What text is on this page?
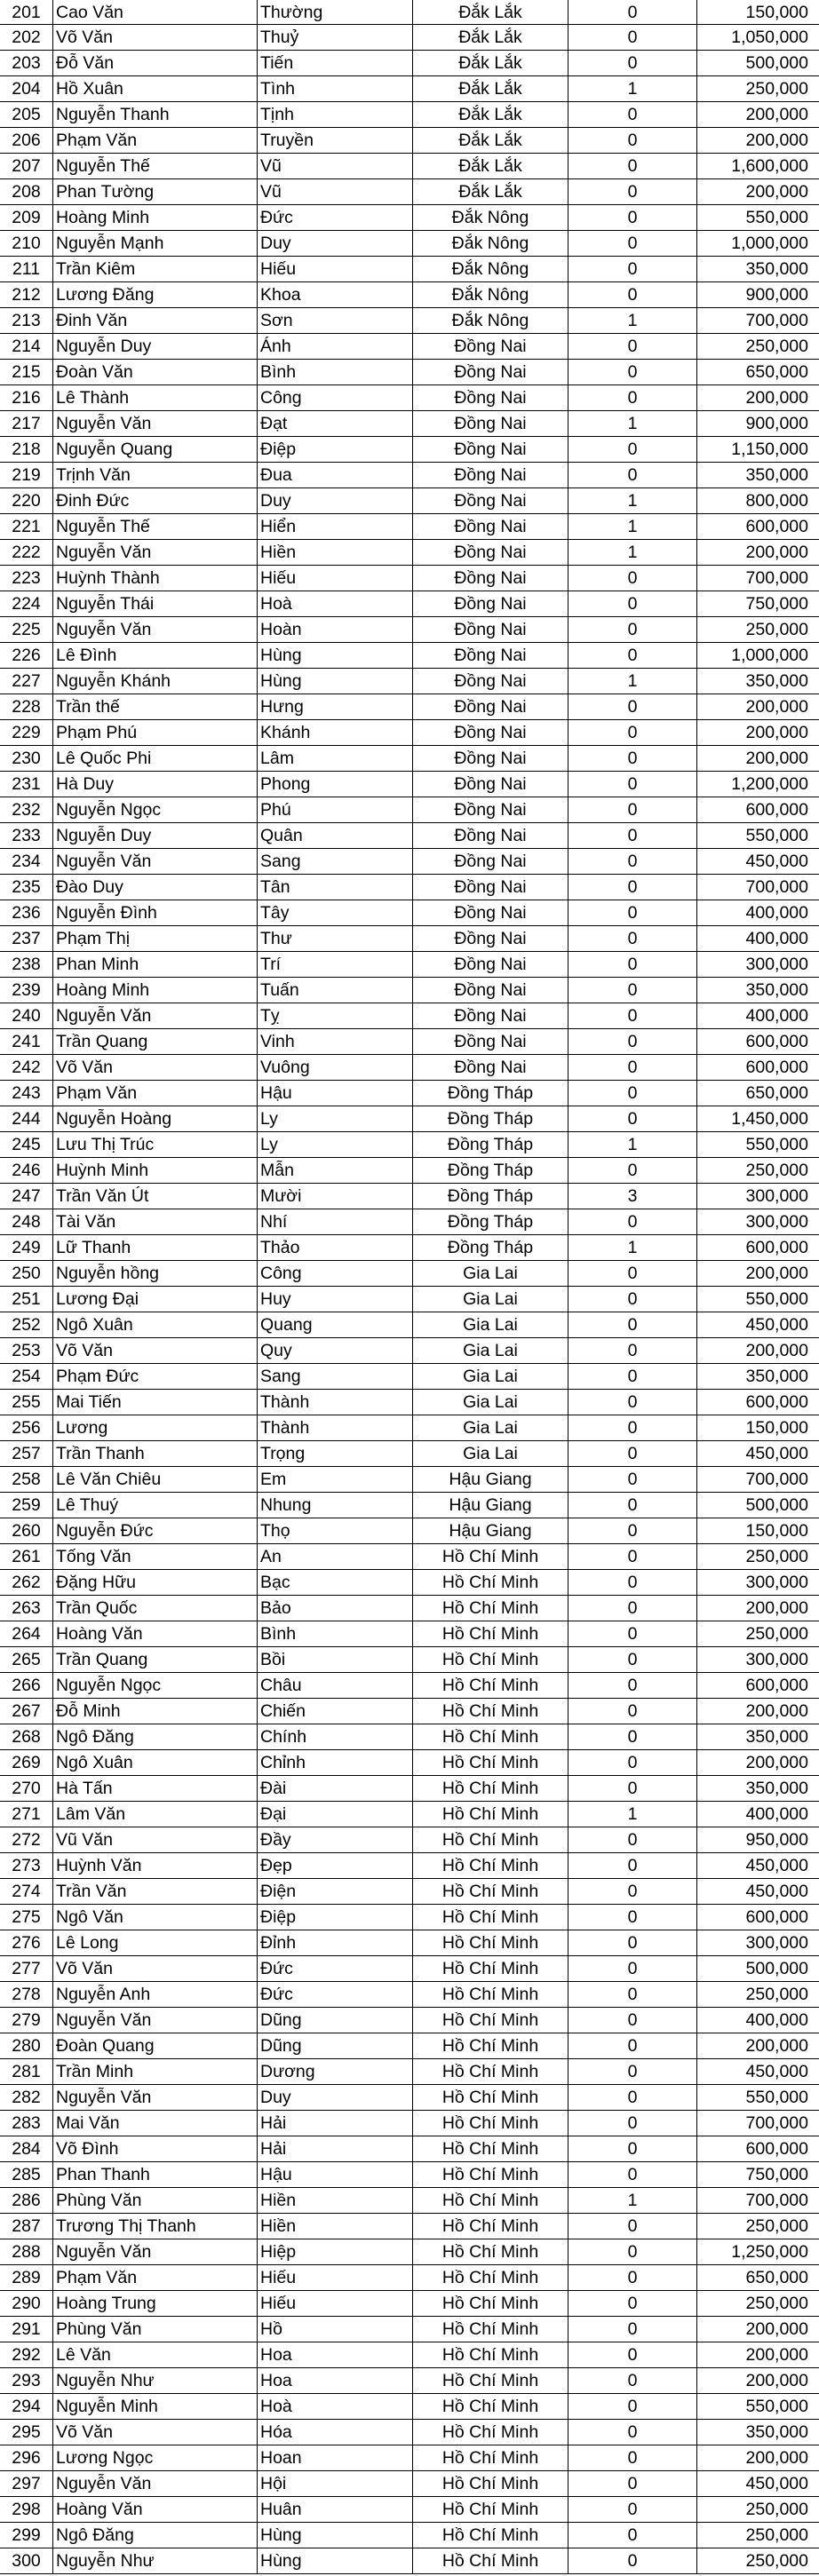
201 Cao Văn	Thường	Đắk Lắk	0	150,000
202 Võ Văn	Thuỷ	Đắk Lắk	0	1,050,000
203 Đỗ Văn	Tiến	Đắk Lắk	0	500,000
204 Hồ Xuân	Tình	Đắk Lắk	1	250,000
205 Nguyễn Thanh	Tịnh	Đắk Lắk	0	200,000
206 Phạm Văn	Truyền	Đắk Lắk	0	200,000
207 Nguyễn Thế	Vũ	Đắk Lắk	0	1,600,000
208 Phan Tường	Vũ	Đắk Lắk	0	200,000
209 Hoàng Minh	Đức	Đắk Nông	0	550,000
210 Nguyễn Mạnh	Duy	Đắk Nông	0	1,000,000
211 Trần Kiêm	Hiếu	Đắk Nông	0	350,000
212 Lương Đăng	Khoa	Đắk Nông	0	900,000
213 Đinh Văn	Sơn	Đắk Nông	1	700,000
214 Nguyễn Duy	Ánh	Đồng Nai	0	250,000
215 Đoàn Văn	Bình	Đồng Nai	0	650,000
216 Lê Thành	Công	Đồng Nai	0	200,000
217 Nguyễn Văn	Đạt	Đồng Nai	1	900,000
218 Nguyễn Quang	Điệp	Đồng Nai	0	1,150,000
219 Trịnh Văn	Đua	Đồng Nai	0	350,000
220 Đinh Đức	Duy	Đồng Nai	1	800,000
221 Nguyễn Thế	Hiển	Đồng Nai	1	600,000
222 Nguyễn Văn	Hiền	Đồng Nai	1	200,000
223 Huỳnh Thành	Hiếu	Đồng Nai	0	700,000
224 Nguyễn Thái	Hoà	Đồng Nai	0	750,000
225 Nguyễn Văn	Hoàn	Đồng Nai	0	250,000
226 Lê Đình	Hùng	Đồng Nai	0	1,000,000
227 Nguyễn Khánh	Hùng	Đồng Nai	1	350,000
228 Trần thế	Hưng	Đồng Nai	0	200,000
229 Phạm Phú	Khánh	Đồng Nai	0	200,000
230 Lê Quốc Phi	Lâm	Đồng Nai	0	200,000
231 Hà Duy	Phong	Đồng Nai	0	1,200,000
232 Nguyễn Ngọc	Phú	Đồng Nai	0	600,000
233 Nguyễn Duy	Quân	Đồng Nai	0	550,000
234 Nguyễn Văn	Sang	Đồng Nai	0	450,000
235 Đào Duy	Tân	Đồng Nai	0	700,000
236 Nguyễn Đình	Tây	Đồng Nai	0	400,000
237 Phạm Thị	Thư	Đồng Nai	0	400,000
238 Phan Minh	Trí	Đồng Nai	0	300,000
239 Hoàng Minh	Tuấn	Đồng Nai	0	350,000
240 Nguyễn Văn	Tỵ	Đồng Nai	0	400,000
241 Trần Quang	Vinh	Đồng Nai	0	600,000
242 Võ Văn	Vuông	Đồng Nai	0	600,000
243 Phạm Văn	Hậu	Đồng Tháp	0	650,000
244 Nguyễn Hoàng	Ly	Đồng Tháp	0	1,450,000
245 Lưu Thị Trúc	Ly	Đồng Tháp	1	550,000
246 Huỳnh Minh	Mẫn	Đồng Tháp	0	250,000
247 Trần Văn Út	Mười	Đồng Tháp	3	300,000
248 Tài Văn	Nhí	Đồng Tháp	0	300,000
249 Lữ Thanh	Thảo	Đồng Tháp	1	600,000
250 Nguyễn hồng	Công	Gia Lai	0	200,000
251 Lương Đại	Huy	Gia Lai	0	550,000
252 Ngô Xuân	Quang	Gia Lai	0	450,000
253 Võ Văn	Quy	Gia Lai	0	200,000
254 Phạm Đức	Sang	Gia Lai	0	350,000
255 Mai Tiến	Thành	Gia Lai	0	600,000
256 Lương	Thành	Gia Lai	0	150,000
257 Trần Thanh	Trọng	Gia Lai	0	450,000
258 Lê Văn Chiêu	Em	Hậu Giang	0	700,000
259 Lê Thuý	Nhung	Hậu Giang	0	500,000
260 Nguyễn Đức	Thọ	Hậu Giang	0	150,000
261 Tống Văn	An	Hồ Chí Minh	0	250,000
262 Đặng Hữu	Bạc	Hồ Chí Minh	0	300,000
263 Trần Quốc	Bảo	Hồ Chí Minh	0	200,000
264 Hoàng Văn	Bình	Hồ Chí Minh	0	250,000
265 Trần Quang	Bồi	Hồ Chí Minh	0	300,000
266 Nguyễn Ngọc	Châu	Hồ Chí Minh	0	600,000
267 Đỗ Minh	Chiến	Hồ Chí Minh	0	200,000
268 Ngô Đăng	Chính	Hồ Chí Minh	0	350,000
269 Ngô Xuân	Chỉnh	Hồ Chí Minh	0	200,000
270 Hà Tấn	Đài	Hồ Chí Minh	0	350,000
271 Lâm Văn	Đại	Hồ Chí Minh	1	400,000
272 Vũ Văn	Đầy	Hồ Chí Minh	0	950,000
273 Huỳnh Văn	Đẹp	Hồ Chí Minh	0	450,000
274 Trần Văn	Điện	Hồ Chí Minh	0	450,000
275 Ngô Văn	Điệp	Hồ Chí Minh	0	600,000
276 Lê Long	Đỉnh	Hồ Chí Minh	0	300,000
277 Võ Văn	Đức	Hồ Chí Minh	0	500,000
278 Nguyễn Anh	Đức	Hồ Chí Minh	0	250,000
279 Nguyễn Văn	Dũng	Hồ Chí Minh	0	400,000
280 Đoàn Quang	Dũng	Hồ Chí Minh	0	200,000
281 Trần Minh	Dương	Hồ Chí Minh	0	450,000
282 Nguyễn Văn	Duy	Hồ Chí Minh	0	550,000
283 Mai Văn	Hải	Hồ Chí Minh	0	700,000
284 Võ Đình	Hải	Hồ Chí Minh	0	600,000
285 Phan Thanh	Hậu	Hồ Chí Minh	0	750,000
286 Phùng Văn	Hiền	Hồ Chí Minh	1	700,000
287 Trương Thị Thanh	Hiền	Hồ Chí Minh	0	250,000
288 Nguyễn Văn	Hiệp	Hồ Chí Minh	0	1,250,000
289 Phạm Văn	Hiếu	Hồ Chí Minh	0	650,000
290 Hoàng Trung	Hiếu	Hồ Chí Minh	0	250,000
291 Phùng Văn	Hồ	Hồ Chí Minh	0	200,000
292 Lê Văn	Hoa	Hồ Chí Minh	0	200,000
293 Nguyễn Như	Hoa	Hồ Chí Minh	0	200,000
294 Nguyễn Minh	Hoà	Hồ Chí Minh	0	550,000
295 Võ Văn	Hóa	Hồ Chí Minh	0	350,000
296 Lương Ngọc	Hoan	Hồ Chí Minh	0	200,000
297 Nguyễn Văn	Hội	Hồ Chí Minh	0	450,000
298 Hoàng Văn	Huân	Hồ Chí Minh	0	250,000
299 Ngô Đăng	Hùng	Hồ Chí Minh	0	250,000
300 Nguyễn Như	Hùng	Hồ Chí Minh	0	250,000
